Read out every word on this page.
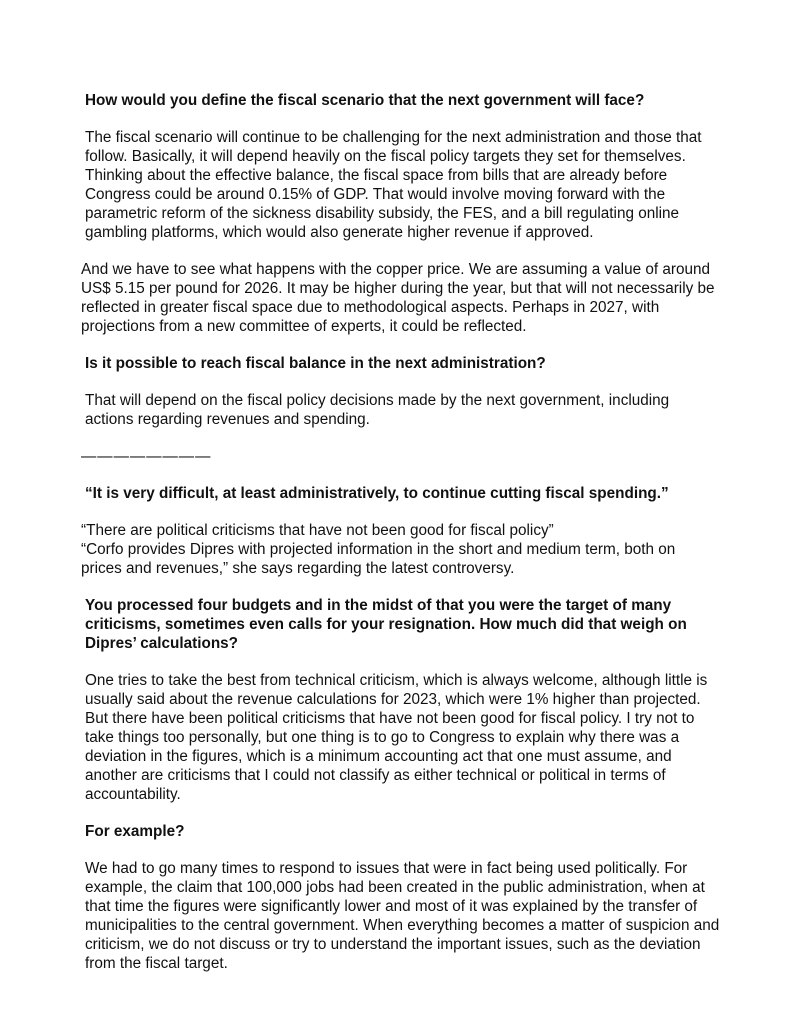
How would you define the fiscal scenario that the next government will face?
The fiscal scenario will continue to be challenging for the next administration and those that
follow. Basically, it will depend heavily on the fiscal policy targets they set for themselves.
Thinking about the effective balance, the fiscal space from bills that are already before
Congress could be around 0.15% of GDP. That would involve moving forward with the
parametric reform of the sickness disability subsidy, the FES, and a bill regulating online
gambling platforms, which would also generate higher revenue if approved.
And we have to see what happens with the copper price. We are assuming a value of around
US$ 5.15 per pound for 2026. It may be higher during the year, but that will not necessarily be
reflected in greater fiscal space due to methodological aspects. Perhaps in 2027, with
projections from a new committee of experts, it could be reflected.
Is it possible to reach fiscal balance in the next administration?
That will depend on the fiscal policy decisions made by the next government, including
actions regarding revenues and spending.
————————
“It is very difficult, at least administratively, to continue cutting fiscal spending.”
“There are political criticisms that have not been good for fiscal policy”
“Corfo provides Dipres with projected information in the short and medium term, both on
prices and revenues,” she says regarding the latest controversy.
You processed four budgets and in the midst of that you were the target of many
criticisms, sometimes even calls for your resignation. How much did that weigh on
Dipres’ calculations?
One tries to take the best from technical criticism, which is always welcome, although little is
usually said about the revenue calculations for 2023, which were 1% higher than projected.
But there have been political criticisms that have not been good for fiscal policy. I try not to
take things too personally, but one thing is to go to Congress to explain why there was a
deviation in the figures, which is a minimum accounting act that one must assume, and
another are criticisms that I could not classify as either technical or political in terms of
accountability.
For example?
We had to go many times to respond to issues that were in fact being used politically. For
example, the claim that 100,000 jobs had been created in the public administration, when at
that time the figures were significantly lower and most of it was explained by the transfer of
municipalities to the central government. When everything becomes a matter of suspicion and
criticism, we do not discuss or try to understand the important issues, such as the deviation
from the fiscal target.
